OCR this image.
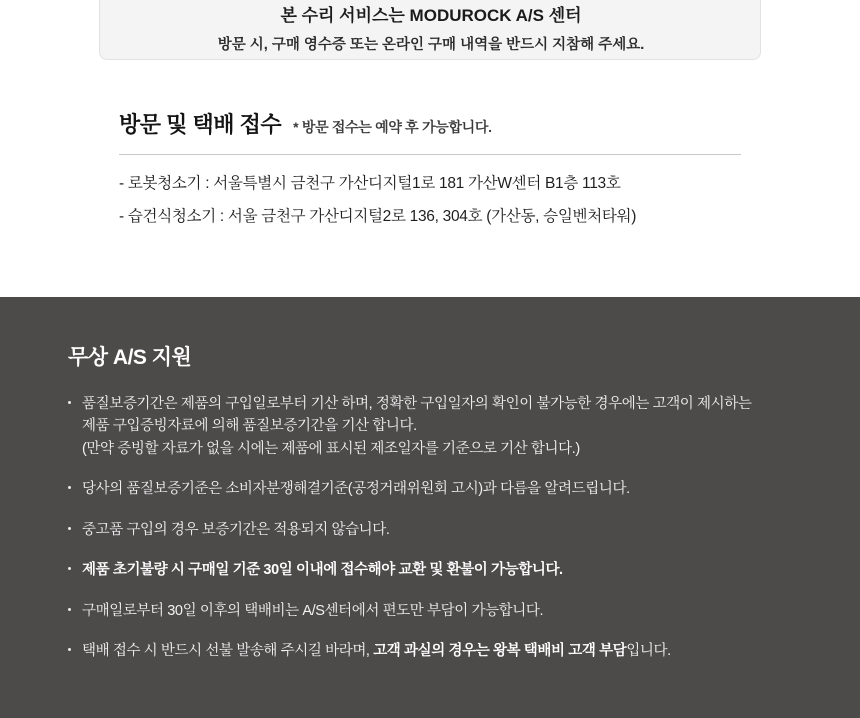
본 수리 서비스는 MODUROCK A/S 센터
방문 시, 구매 영수증 또는 온라인 구매 내역을 반드시 지참해 주세요.
방문 및 택배 접수 * 방문 접수는 예약 후 가능합니다.
- 로봇청소기 : 서울특별시 금천구 가산디지털1로 181 가산W센터 B1층 113호
- 습건식청소기 : 서울 금천구 가산디지털2로 136, 304호 (가산동, 승일벤처타워)
무상 A/S 지원
품질보증기간은 제품의 구입일로부터 기산 하며, 정확한 구입일자의 확인이 불가능한 경우에는 고객이 제시하는
제품 구입증빙자료에 의해 품질보증기간을 기산 합니다.
(만약 증빙할 자료가 없을 시에는 제품에 표시된 제조일자를 기준으로 기산 합니다.)
당사의 품질보증기준은 소비자분쟁해결기준(공정거래위원회 고시)과 다름을 알려드립니다.
중고품 구입의 경우 보증기간은 적용되지 않습니다.
제품 초기불량 시 구매일 기준 30일 이내에 접수해야 교환 및 환불이 가능합니다.
구매일로부터 30일 이후의 택배비는 A/S센터에서 편도만 부담이 가능합니다.
택배 접수 시 반드시 선불 발송해 주시길 바라며, 고객 과실의 경우는 왕복 택배비 고객 부담입니다.
